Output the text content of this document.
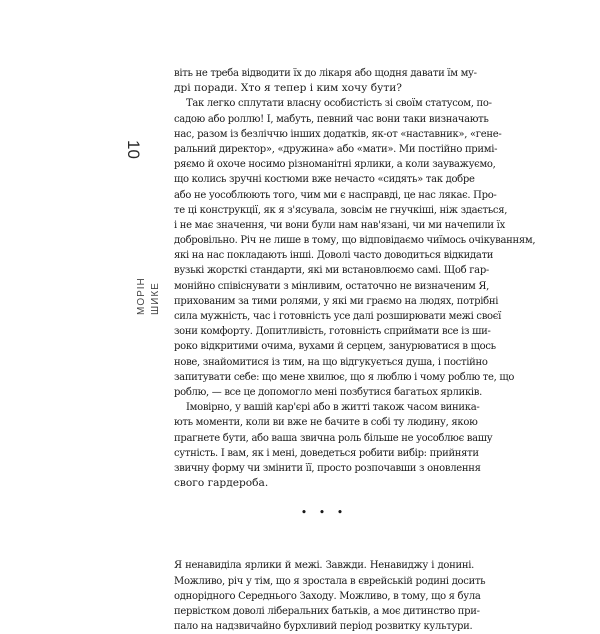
10
МОРІН ШИКЕ
віть не треба відводити їх до лікаря або щодня давати їм му-
дрі поради. Хто я тепер і ким хочу бути?
Так легко сплутати власну особистість зі своїм статусом, по-
садою або роллю! І, мабуть, певний час вони таки визначають
нас, разом із безліччю інших додатків, як-от «наставник», «гене-
ральний директор», «дружина» або «мати». Ми постійно примі-
ряємо й охоче носимо різноманітні ярлики, а коли зауважуємо,
що колись зручні костюми вже нечасто «сидять» так добре
або не уособлюють того, чим ми є насправді, це нас лякає. Про-
те ці конструкції, як я з'ясувала, зовсім не гнучкіші, ніж здається,
і не має значення, чи вони були нам нав'язані, чи ми начепили їх
добровільно. Річ не лише в тому, що відповідаємо чиїмось очікуванням,
які на нас покладають інші. Доволі часто доводиться відкидати
вузькі жорсткі стандарти, які ми встановлюємо самі. Щоб гар-
монійно співіснувати з мінливим, остаточно не визначеним Я,
прихованим за тими ролями, у які ми граємо на людях, потрібні
сила мужність, час і готовність усе далі розширювати межі своєї
зони комфорту. Допитливість, готовність сприймати все із ши-
роко відкритими очима, вухами й серцем, занурюватися в щось
нове, знайомитися із тим, на що відгукується душа, і постійно
запитувати себе: що мене хвилює, що я люблю і чому роблю те, що
роблю, — все це допомогло мені позбутися багатьох ярликів.
Імовірно, у вашій кар'єрі або в житті також часом виника-
ють моменти, коли ви вже не бачите в собі ту людину, якою
прагнете бути, або ваша звична роль більше не уособлює вашу
сутність. І вам, як і мені, доведеться робити вибір: прийняти
звичну форму чи змінити її, просто розпочавши з оновлення
свого гардероба.
• • •
Я ненавиділа ярлики й межі. Завжди. Ненавиджу і донині.
Можливо, річ у тім, що я зростала в єврейській родині досить
однорідного Середнього Заходу. Можливо, в тому, що я була
первістком доволі ліберальних батьків, а моє дитинство при-
пало на надзвичайно бурхливий період розвитку культури.
